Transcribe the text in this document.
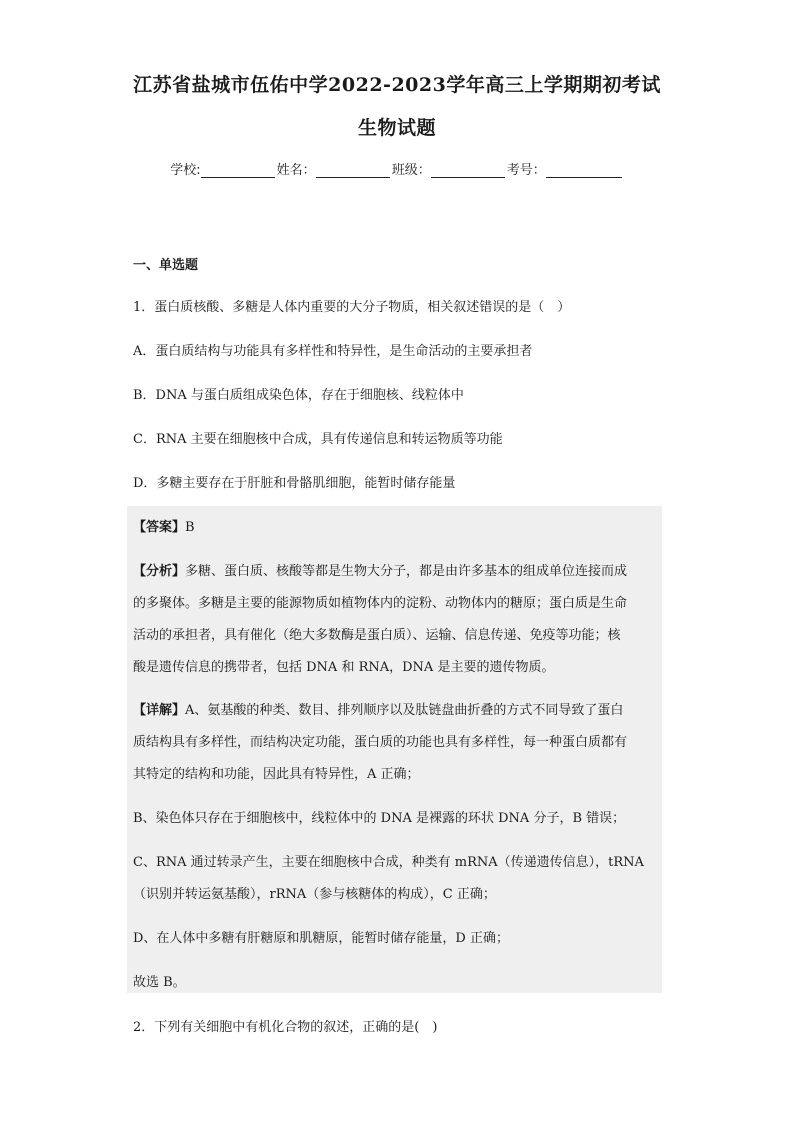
江苏省盐城市伍佑中学2022-2023学年高三上学期期初考试
生物试题
学校:	姓名：	班级：	考号：
一、单选题
1．蛋白质核酸、多糖是人体内重要的大分子物质，相关叙述错误的是（　）
A．蛋白质结构与功能具有多样性和特异性，是生命活动的主要承担者
B．DNA 与蛋白质组成染色体，存在于细胞核、线粒体中
C．RNA 主要在细胞核中合成，具有传递信息和转运物质等功能
D．多糖主要存在于肝脏和骨骼肌细胞，能暂时储存能量
【答案】B
【分析】多糖、蛋白质、核酸等都是生物大分子，都是由许多基本的组成单位连接而成
的多聚体。多糖是主要的能源物质如植物体内的淀粉、动物体内的糖原；蛋白质是生命
活动的承担者，具有催化（绝大多数酶是蛋白质）、运输、信息传递、免疫等功能；核
酸是遗传信息的携带者，包括 DNA 和 RNA，DNA 是主要的遗传物质。
【详解】A、氨基酸的种类、数目、排列顺序以及肽链盘曲折叠的方式不同导致了蛋白
质结构具有多样性，而结构决定功能，蛋白质的功能也具有多样性，每一种蛋白质都有
其特定的结构和功能，因此具有特异性，A 正确；
B、染色体只存在于细胞核中，线粒体中的 DNA 是裸露的环状 DNA 分子，B 错误；
C、RNA 通过转录产生，主要在细胞核中合成，种类有 mRNA（传递遗传信息），tRNA
（识别并转运氨基酸），rRNA（参与核糖体的构成），C 正确；
D、在人体中多糖有肝糖原和肌糖原，能暂时储存能量，D 正确；
故选 B。
2．下列有关细胞中有机化合物的叙述，正确的是(　)
